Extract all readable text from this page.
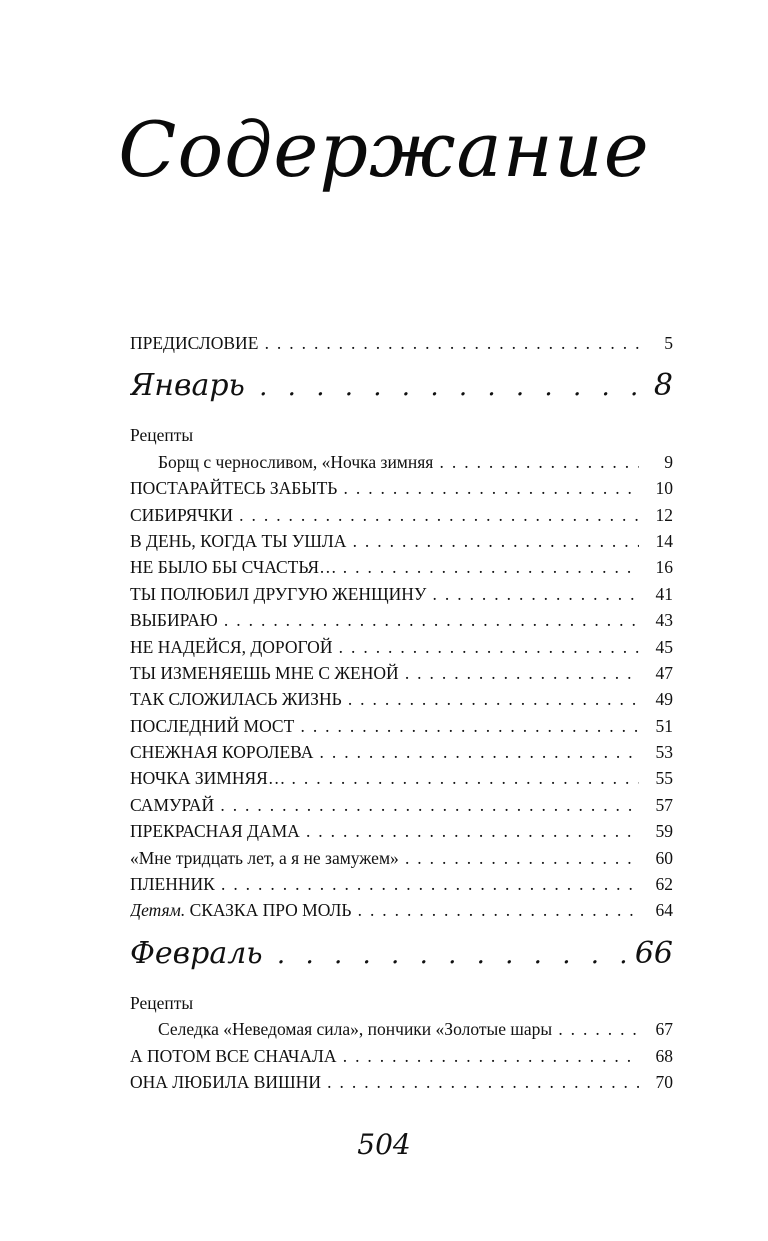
Содержание
ПРЕДИСЛОВИЕ . . .	5
Январь . . .	8
Рецепты
Борщ с черносливом, «Ночка зимняя . . .	9
ПОСТАРАЙТЕСЬ ЗАБЫТЬ . . .	10
СИБИРЯЧКИ . . .	12
В ДЕНЬ, КОГДА ТЫ УШЛА . . .	14
НЕ БЫЛО БЫ СЧАСТЬЯ… . . .	16
ТЫ ПОЛЮБИЛ ДРУГУЮ ЖЕНЩИНУ . . .	41
ВЫБИРАЮ . . .	43
НЕ НАДЕЙСЯ, ДОРОГОЙ . . .	45
ТЫ ИЗМЕНЯЕШЬ МНЕ С ЖЕНОЙ . . .	47
ТАК СЛОЖИЛАСЬ ЖИЗНЬ . . .	49
ПОСЛЕДНИЙ МОСТ . . .	51
СНЕЖНАЯ КОРОЛЕВА . . .	53
НОЧКА ЗИМНЯЯ… . . .	55
САМУРАЙ . . .	57
ПРЕКРАСНАЯ ДАМА . . .	59
«Мне тридцать лет, а я не замужем» . . .	60
ПЛЕННИК . . .	62
Детям. СКАЗКА ПРО МОЛЬ . . .	64
Февраль . . .	66
Рецепты
Селедка «Неведомая сила», пончики «Золотые шары . . .	67
А ПОТОМ ВСЕ СНАЧАЛА . . .	68
ОНА ЛЮБИЛА ВИШНИ . . .	70
504
